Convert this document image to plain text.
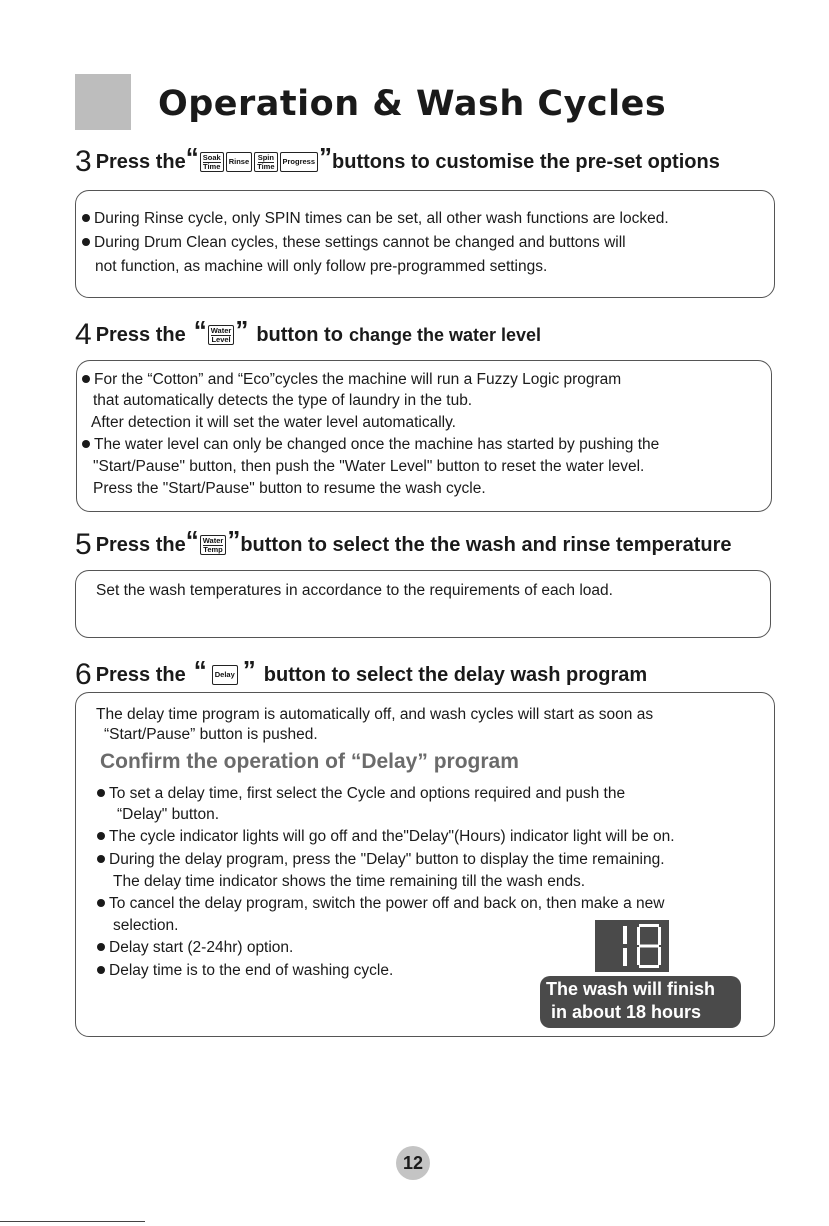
Operation & Wash Cycles
3 Press the “ Soak
Time Rinse Spin
Time Progress ” buttons to customise the pre-set options
During Rinse cycle, only SPIN times can be set, all other wash functions are locked.
During Drum Clean cycles, these settings cannot be changed and buttons will
not function, as machine will only follow pre-programmed settings.
4 Press the “ Water
Level ” button to change the water level
For the “Cotton” and “Eco”cycles the machine will run a Fuzzy Logic program
that automatically detects the type of laundry in the tub.
After detection it will set the water level automatically.
The water level can only be changed once the machine has started by pushing the
"Start/Pause" button, then push the "Water Level" button to reset the water level.
Press the "Start/Pause" button to resume the wash cycle.
5 Press the “ Water
Temp ” button to select the the wash and rinse temperature
Set the wash temperatures in accordance to the requirements of each load.
6 Press the “ Delay ” button to select the delay wash program
The delay time program is automatically off, and wash cycles will start as soon as
“Start/Pause” button is pushed.
Confirm the operation of “Delay” program
To set a delay time, first select the Cycle and options required and push the
“Delay" button.
The cycle indicator lights will go off and the"Delay"(Hours) indicator light will be on.
During the delay program, press the "Delay" button to display the time remaining.
The delay time indicator shows the time remaining till the wash ends.
To cancel the delay program, switch the power off and back on, then make a new
selection.
Delay start (2-24hr) option.
Delay time is to the end of washing cycle.
The wash will finish
in about 18 hours
12
